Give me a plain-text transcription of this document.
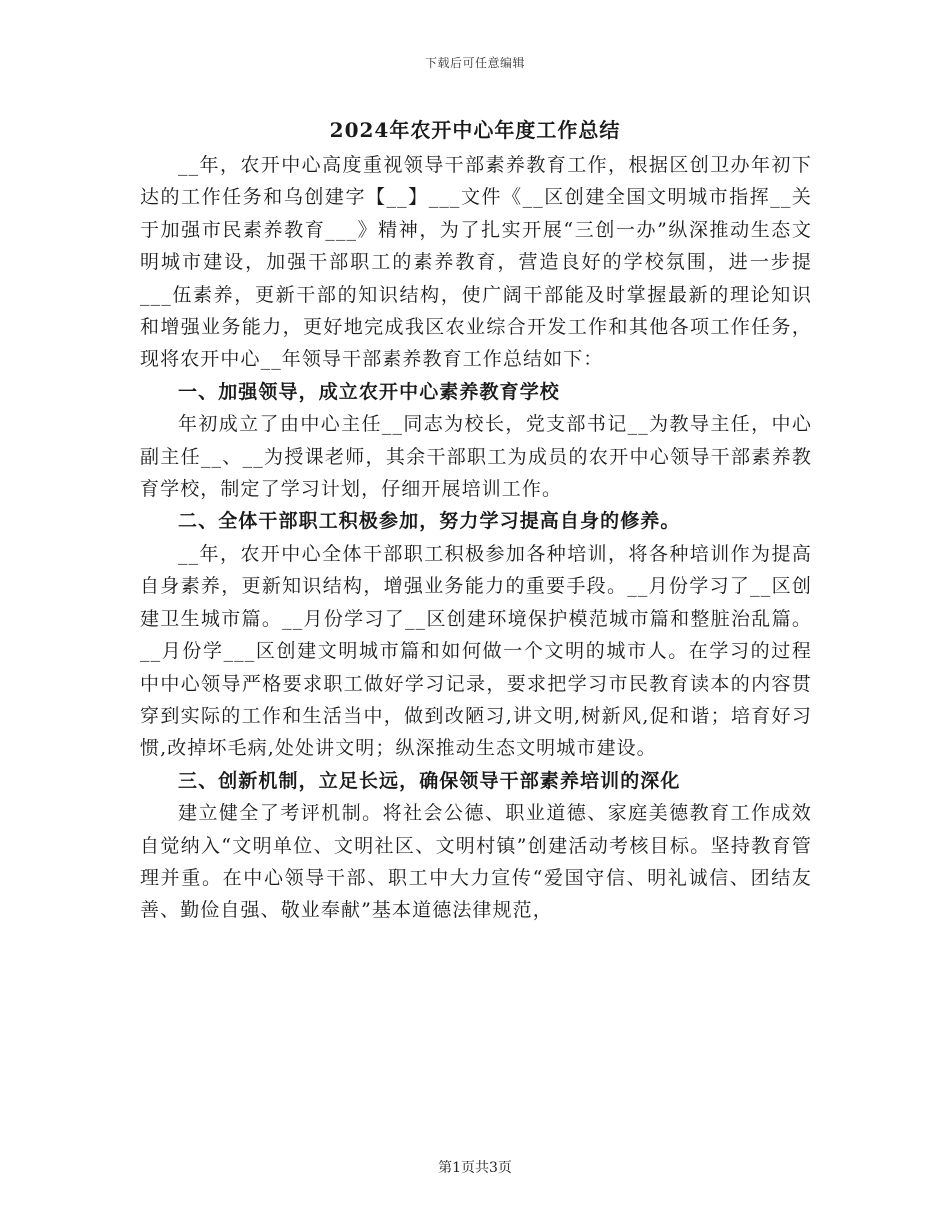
下载后可任意编辑
2024年农开中心年度工作总结

__年，农开中心高度重视领导干部素养教育工作，根据区创卫办年初下达的工作任务和乌创建字【__】___文件《__区创建全国文明城市指挥__关于加强市民素养教育___》精神，为了扎实开展“三创一办”纵深推动生态文明城市建设，加强干部职工的素养教育，营造良好的学校氛围，进一步提___伍素养，更新干部的知识结构，使广阔干部能及时掌握最新的理论知识和增强业务能力，更好地完成我区农业综合开发工作和其他各项工作任务，现将农开中心__年领导干部素养教育工作总结如下：

一、加强领导，成立农开中心素养教育学校

年初成立了由中心主任__同志为校长，党支部书记__为教导主任，中心副主任__、__为授课老师，其余干部职工为成员的农开中心领导干部素养教育学校，制定了学习计划，仔细开展培训工作。

二、全体干部职工积极参加，努力学习提高自身的修养。

__年，农开中心全体干部职工积极参加各种培训，将各种培训作为提高自身素养，更新知识结构，增强业务能力的重要手段。__月份学习了__区创建卫生城市篇。__月份学习了__区创建环境保护模范城市篇和整脏治乱篇。__月份学___区创建文明城市篇和如何做一个文明的城市人。在学习的过程中中心领导严格要求职工做好学习记录，要求把学习市民教育读本的内容贯穿到实际的工作和生活当中，做到改陋习,讲文明,树新风,促和谐；培育好习惯,改掉坏毛病,处处讲文明；纵深推动生态文明城市建设。

三、创新机制，立足长远，确保领导干部素养培训的深化

建立健全了考评机制。将社会公德、职业道德、家庭美德教育工作成效自觉纳入“文明单位、文明社区、文明村镇”创建活动考核目标。坚持教育管理并重。在中心领导干部、职工中大力宣传“爱国守信、明礼诚信、团结友善、勤俭自强、敬业奉献”基本道德法律规范，

第1页共3页
